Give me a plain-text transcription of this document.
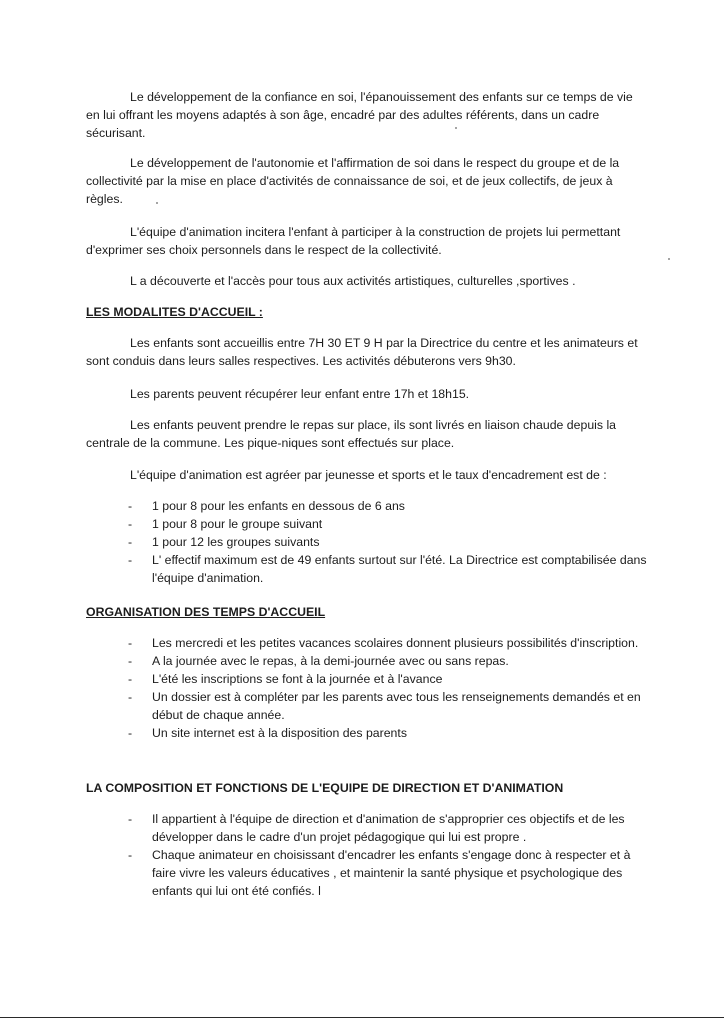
Le développement de la confiance en soi, l'épanouissement des enfants sur ce temps de vie en lui offrant les moyens adaptés à son âge, encadré par des adultes référents, dans un cadre sécurisant.

Le développement de l'autonomie et l'affirmation de soi dans le respect du groupe et de la collectivité par la mise en place d'activités de connaissance de soi, et de jeux collectifs, de jeux à règles.

L'équipe d'animation incitera l'enfant à participer à la construction de projets lui permettant d'exprimer ses choix personnels dans le respect de la collectivité.

L a découverte et l'accès pour tous aux activités artistiques, culturelles ,sportives .

LES MODALITES D'ACCUEIL :

Les enfants sont accueillis entre 7H 30 ET 9 H par la Directrice du centre et les animateurs et sont conduis dans leurs salles respectives. Les activités débuterons vers 9h30.

Les parents peuvent récupérer leur enfant entre 17h et 18h15.

Les enfants peuvent prendre le repas sur place, ils sont livrés en liaison chaude depuis la centrale de la commune. Les pique-niques sont effectués sur place.

L'équipe d'animation est agréer par jeunesse et sports et le taux d'encadrement est de :

- 1 pour 8 pour les enfants en dessous de 6 ans
- 1 pour 8 pour le groupe suivant
- 1 pour 12 les groupes suivants
- L' effectif maximum est de 49 enfants surtout sur l'été. La Directrice est comptabilisée dans l'équipe d'animation.
ORGANISATION DES TEMPS D'ACCUEIL
- Les mercredi et les petites vacances scolaires donnent plusieurs possibilités d'inscription.
- A la journée avec le repas, à la demi-journée avec ou sans repas.
- L'été les inscriptions se font à la journée et à l'avance
- Un dossier est à compléter par les parents avec tous les renseignements demandés et en début de chaque année.
- Un site internet est à la disposition des parents
LA COMPOSITION ET FONCTIONS DE L'EQUIPE DE DIRECTION ET D'ANIMATION
- Il appartient à l'équipe de direction et d'animation de s'approprier ces objectifs et de les développer dans le cadre d'un projet pédagogique qui lui est propre .
- Chaque animateur en choisissant d'encadrer les enfants s'engage donc à respecter et à faire vivre les valeurs éducatives , et maintenir la santé physique et psychologique des enfants qui lui ont été confiés. l
